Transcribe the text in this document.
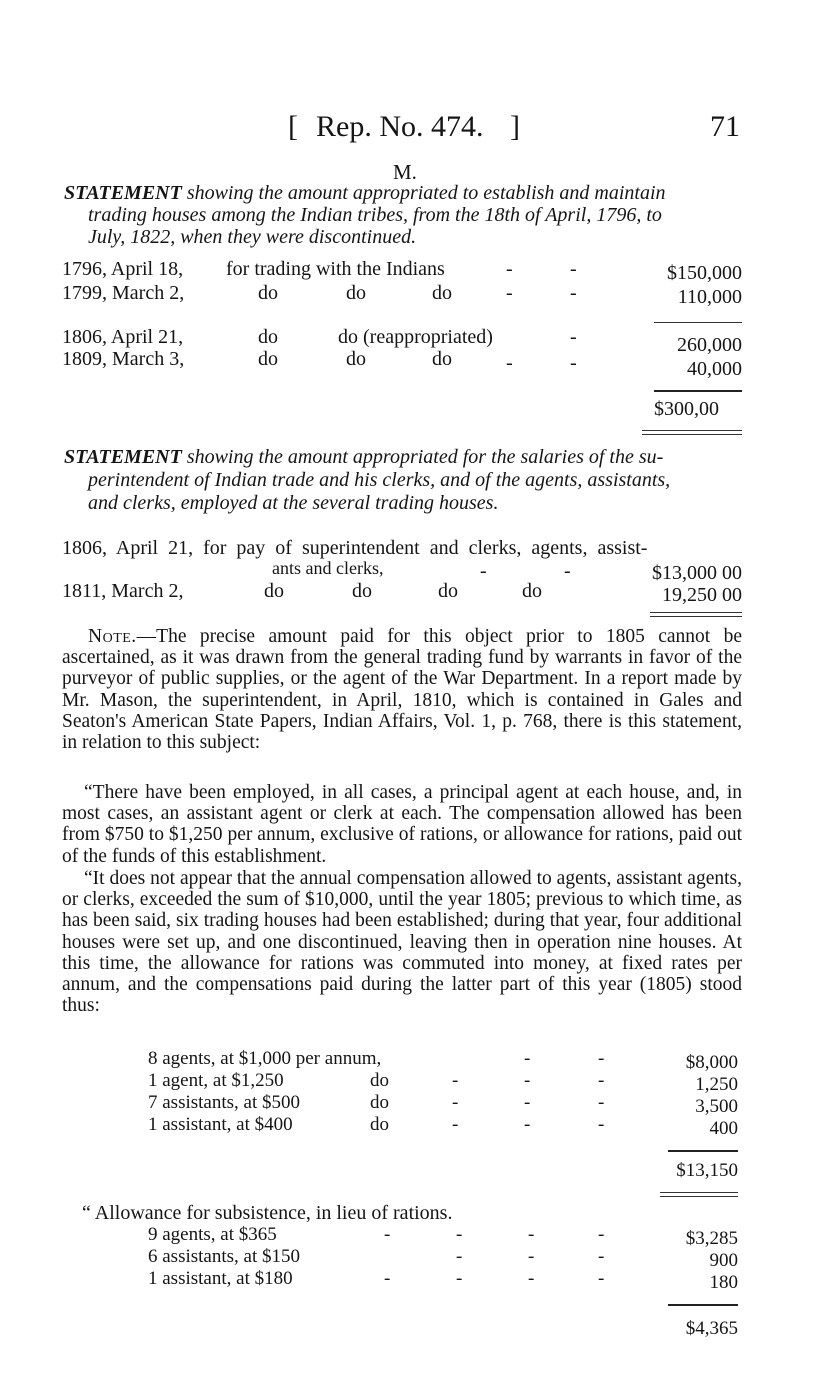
[ Rep. No. 474. ]	71
M.
STATEMENT showing the amount appropriated to establish and maintain
trading houses among the Indian tribes, from the 18th of April, 1796, to
July, 1822, when they were discontinued.
1796, April 18, for trading with the Indians	-	-	$150,000
1799, March 2,	do	do	do	-	-	110,000
1806, April 21,	do	do (reappropriated)	-	260,000
1809, March 3,	do	do	do	-	-	40,000
$300,00
STATEMENT showing the amount appropriated for the salaries of the su-
perintendent of Indian trade and his clerks, and of the agents, assistants,
and clerks, employed at the several trading houses.
1806, April 21, for pay of superintendent and clerks, agents, assist-
ants and clerks,	-	-	$13,000 00
1811, March 2,	do	do	do	do	19,250 00
Note.—The precise amount paid for this object prior to 1805 cannot be ascertained, as it was drawn from the general trading fund by warrants in favor of the purveyor of public supplies, or the agent of the War Department. In a report made by Mr. Mason, the superintendent, in April, 1810, which is contained in Gales and Seaton's American State Papers, Indian Affairs, Vol. 1, p. 768, there is this statement, in relation to this subject:
“There have been employed, in all cases, a principal agent at each house, and, in most cases, an assistant agent or clerk at each. The compensation allowed has been from $750 to $1,250 per annum, exclusive of rations, or allowance for rations, paid out of the funds of this establishment.
“It does not appear that the annual compensation allowed to agents, assistant agents, or clerks, exceeded the sum of $10,000, until the year 1805; previous to which time, as has been said, six trading houses had been established; during that year, four additional houses were set up, and one discontinued, leaving then in operation nine houses. At this time, the allowance for rations was commuted into money, at fixed rates per annum, and the compensations paid during the latter part of this year (1805) stood thus:
8 agents, at $1,000 per annum,	-	-	$8,000
1 agent, at $1,250	do	-	-	-	1,250
7 assistants, at $500	do	-	-	-	3,500
1 assistant, at $400	do	-	-	-	400
$13,150
“ Allowance for subsistence, in lieu of rations.
9 agents, at $365	-	-	-	-	$3,285
6 assistants, at $150	-	-	-	900
1 assistant, at $180	-	-	-	-	180
$4,365
